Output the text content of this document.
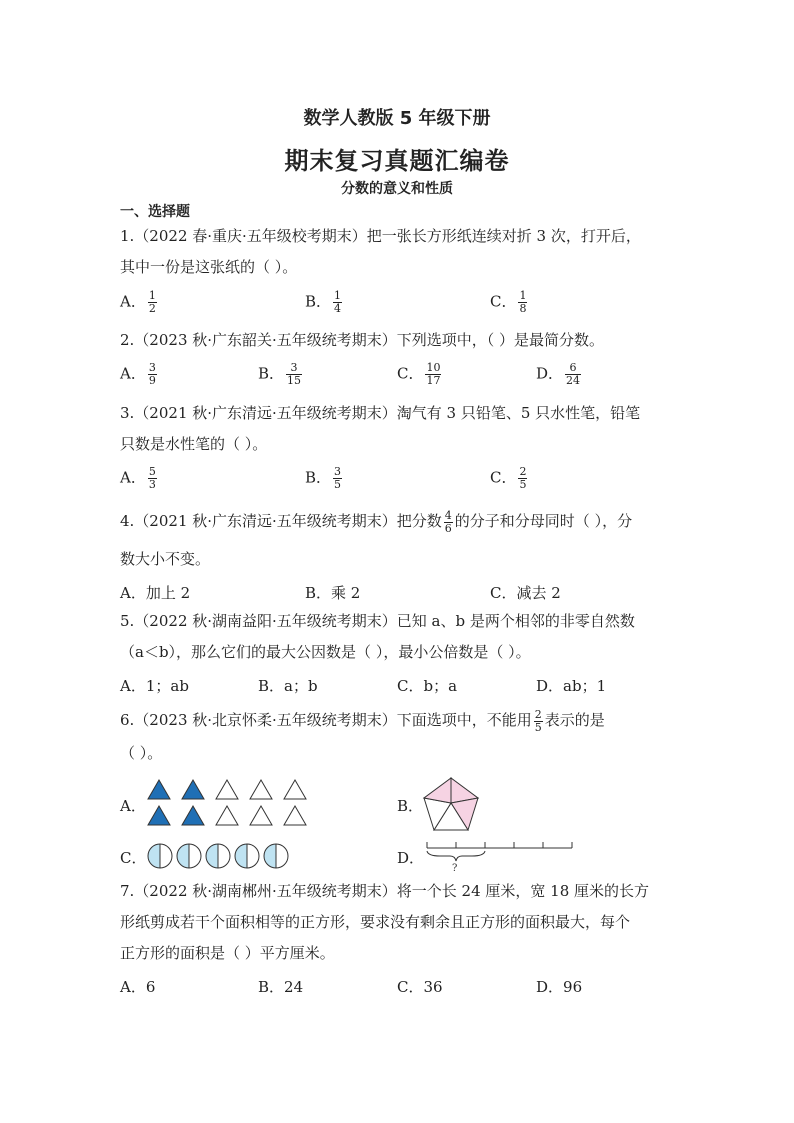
数学人教版 5 年级下册
期末复习真题汇编卷
分数的意义和性质
一、选择题
1.（2022 春·重庆·五年级校考期末）把一张长方形纸连续对折 3 次，打开后，
其中一份是这张纸的（ ）。
A． $\frac{1}{2}$	B． $\frac{1}{4}$	C． $\frac{1}{8}$
2.（2023 秋·广东韶关·五年级统考期末）下列选项中，（ ）是最简分数。
A． $\frac{3}{9}$	B． $\frac{3}{15}$	C． $\frac{10}{17}$	D． $\frac{6}{24}$
3.（2021 秋·广东清远·五年级统考期末）淘气有 3 只铅笔、5 只水性笔，铅笔
只数是水性笔的（ ）。
A． $\frac{5}{3}$	B． $\frac{3}{5}$	C． $\frac{2}{5}$
4.（2021 秋·广东清远·五年级统考期末）把分数 $\frac{4}{6}$ 的分子和分母同时（ ），分
数大小不变。
A．加上 2	B．乘 2	C．减去 2
5.（2022 秋·湖南益阳·五年级统考期末）已知 a、b 是两个相邻的非零自然数
（a＜b），那么它们的最大公因数是（ ），最小公倍数是（ ）。
A．1；ab	B．a；b	C．b；a	D．ab；1
6.（2023 秋·北京怀柔·五年级统考期末）下面选项中，不能用 $\frac{2}{5}$ 表示的是
（ ）。
A．	B．
C．	D．
?
7.（2022 秋·湖南郴州·五年级统考期末）将一个长 24 厘米，宽 18 厘米的长方
形纸剪成若干个面积相等的正方形，要求没有剩余且正方形的面积最大，每个
正方形的面积是（ ）平方厘米。
A．6	B．24	C．36	D．96
